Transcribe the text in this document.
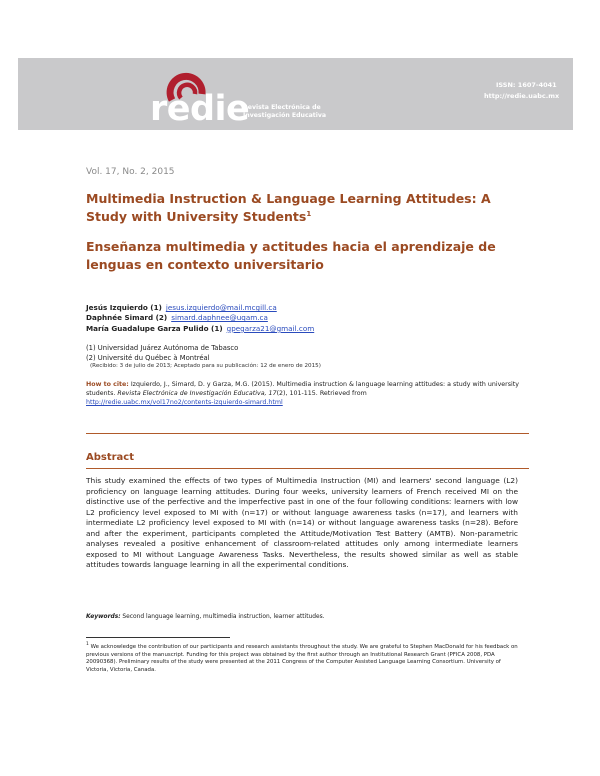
redie
Revista Electrónica de
Investigación Educativa
ISSN: 1607-4041
http://redie.uabc.mx
Vol. 17, No. 2, 2015
Multimedia Instruction & Language Learning Attitudes: A Study with University Students$^1$
Enseñanza multimedia y actitudes hacia el aprendizaje de lenguas en contexto universitario
Jesús Izquierdo (1) jesus.izquierdo@mail.mcgill.ca
Daphnée Simard (2) simard.daphnee@uqam.ca
María Guadalupe Garza Pulido (1) gpegarza21@gmail.com
(1) Universidad Juárez Autónoma de Tabasco
(2) Université du Québec à Montréal
(Recibido: 3 de julio de 2013; Aceptado para su publicación: 12 de enero de 2015)
How to cite: Izquierdo, J., Simard, D. y Garza, M.G. (2015). Multimedia instruction & language learning attitudes: a study with university students. Revista Electrónica de Investigación Educativa, 17(2), 101-115. Retrieved from
http://redie.uabc.mx/vol17no2/contents-izquierdo-simard.html
Abstract
This study examined the effects of two types of Multimedia Instruction (MI) and learners' second language (L2) proficiency on language learning attitudes. During four weeks, university learners of French received MI on the distinctive use of the perfective and the imperfective past in one of the four following conditions: learners with low L2 proficiency level exposed to MI with (n=17) or without language awareness tasks (n=17), and learners with intermediate L2 proficiency level exposed to MI with (n=14) or without language awareness tasks (n=28). Before and after the experiment, participants completed the Attitude/Motivation Test Battery (AMTB). Non-parametric analyses revealed a positive enhancement of classroom-related attitudes only among intermediate learners exposed to MI without Language Awareness Tasks. Nevertheless, the results showed similar as well as stable attitudes towards language learning in all the experimental conditions.
Keywords: Second language learning, multimedia instruction, learner attitudes.
$^1$ We acknowledge the contribution of our participants and research assistants throughout the study. We are grateful to Stephen MacDonald for his feedback on previous versions of the manuscript. Funding for this project was obtained by the first author through an Institutional Research Grant (PFICA 2008, PDA 20090368). Preliminary results of the study were presented at the 2011 Congress of the Computer Assisted Language Learning Consortium. University of Victoria, Victoria, Canada.
